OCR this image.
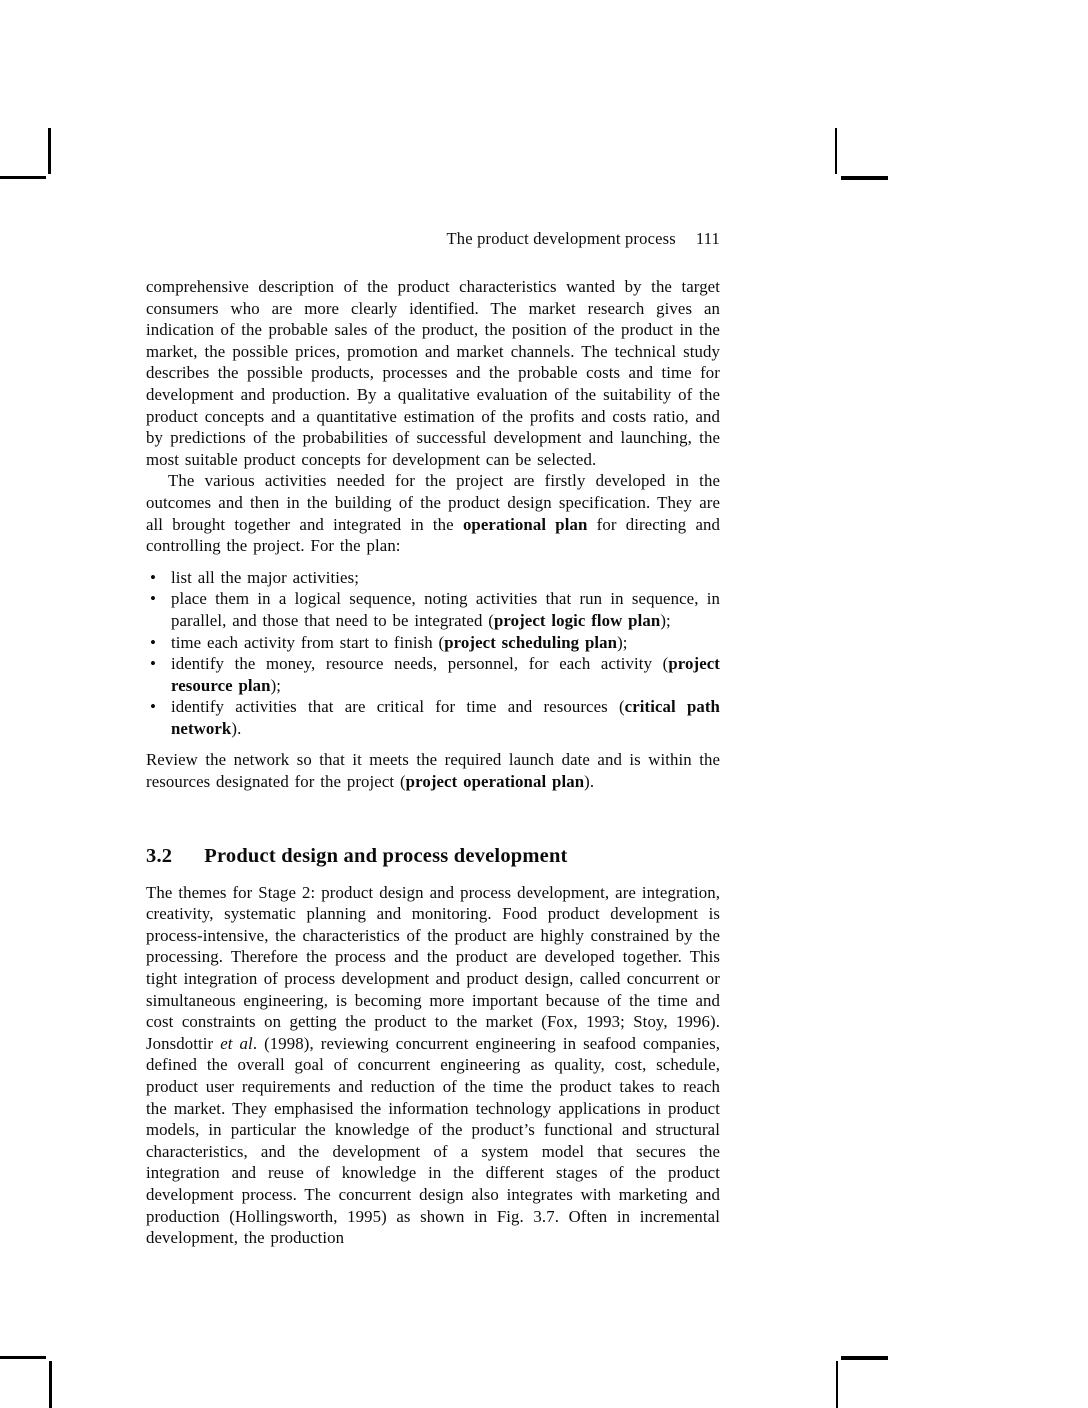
The product development process 111

comprehensive description of the product characteristics wanted by the target consumers who are more clearly identified. The market research gives an indication of the probable sales of the product, the position of the product in the market, the possible prices, promotion and market channels. The technical study describes the possible products, processes and the probable costs and time for development and production. By a qualitative evaluation of the suitability of the product concepts and a quantitative estimation of the profits and costs ratio, and by predictions of the probabilities of successful development and launching, the most suitable product concepts for development can be selected.

The various activities needed for the project are firstly developed in the outcomes and then in the building of the product design specification. They are all brought together and integrated in the operational plan for directing and controlling the project. For the plan:

• list all the major activities;
• place them in a logical sequence, noting activities that run in sequence, in parallel, and those that need to be integrated (project logic flow plan);
• time each activity from start to finish (project scheduling plan);
• identify the money, resource needs, personnel, for each activity (project resource plan);
• identify activities that are critical for time and resources (critical path network).

Review the network so that it meets the required launch date and is within the resources designated for the project (project operational plan).

3.2 Product design and process development

The themes for Stage 2: product design and process development, are integration, creativity, systematic planning and monitoring. Food product development is process-intensive, the characteristics of the product are highly constrained by the processing. Therefore the process and the product are developed together. This tight integration of process development and product design, called concurrent or simultaneous engineering, is becoming more important because of the time and cost constraints on getting the product to the market (Fox, 1993; Stoy, 1996). Jonsdottir et al. (1998), reviewing concurrent engineering in seafood companies, defined the overall goal of concurrent engineering as quality, cost, schedule, product user requirements and reduction of the time the product takes to reach the market. They emphasised the information technology applications in product models, in particular the knowledge of the product’s functional and structural characteristics, and the development of a system model that secures the integration and reuse of knowledge in the different stages of the product development process. The concurrent design also integrates with marketing and production (Hollingsworth, 1995) as shown in Fig. 3.7. Often in incremental development, the production
